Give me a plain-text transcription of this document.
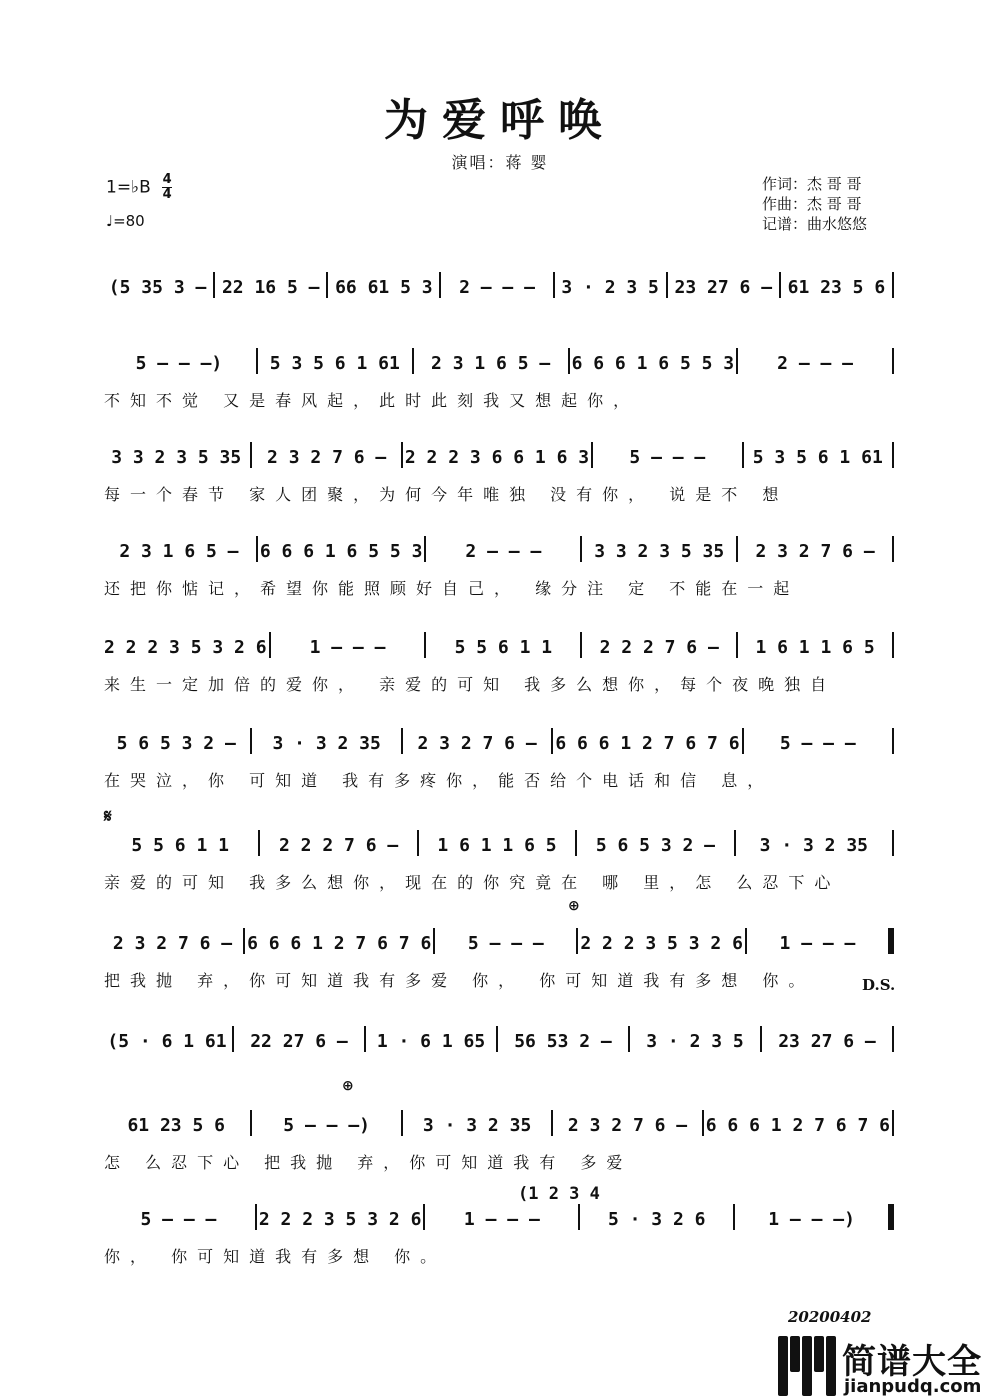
为爱呼唤
演唱：蒋 婴
1=♭B $\frac{4}{4}$
♩=80
作词：杰 哥 哥
作曲：杰 哥 哥
记谱：曲水悠悠
(5 35 3 – 22 16 5 – 66 61 5 3	2 – – –	3 · 2 3 5 23 27 6 – 61 23 5 6
5 – – –)	5 3 5 6 1 61	2 3 1 6 5 –	6 6 6 1 6 5 5 3	2 – – –
不知不觉 又是春风起，此时此刻我又想起你，
3 3 2 3 5 35	2 3 2 7 6 –	2 2 2 3 6 6 1 6 3	5 – – –	5 3 5 6 1 61
每一个春节 家人团聚，为何今年唯独 没有你， 说是不 想
2 3 1 6 5 –	6 6 6 1 6 5 5 3	2 – – –	3 3 2 3 5 35	2 3 2 7 6 –
还把你惦记，希望你能照顾好自己， 缘分注 定 不能在一起
2 2 2 3 5 3 2 6	1 – – –	5 5 6 1 1	2 2 2 7 6 –	1 6 1 1 6 5
来生一定加倍的爱你， 亲爱的可知 我多么想你，每个夜晚独自
5 6 5 3 2 –	3 · 3 2 35	2 3 2 7 6 –	6 6 6 1 2 7 6 7 6	5 – – –
在哭泣，你 可知道 我有多疼你，能否给个电话和信 息，
5 5 6 1 1	2 2 2 7 6 –	1 6 1 1 6 5	5 6 5 3 2 –	3 · 3 2 35
亲爱的可知 我多么想你，现在的你究竟在 哪 里，怎 么忍下心
2 3 2 7 6 – 6 6 6 1 2 7 6 7 6	5 – – –	2 2 2 3 5 3 2 6	1 – – –
把我抛 弃，你可知道我有多爱 你， 你可知道我有多想 你。
(5 · 6 1 61	22 27 6 –	1 · 6 1 65	56 53 2 –	3 · 2 3 5	23 27 6 –
61 23 5 6	5 – – –)	3 · 3 2 35	2 3 2 7 6 –	6 6 6 1 2 7 6 7 6
怎 么忍下心 把我抛 弃，你可知道我有 多爱
5 – – –	2 2 2 3 5 3 2 6	1 – – –	5 · 3 2 6	1 – – –)
你， 你可知道我有多想 你。
𝄋
⊕
⊕
D.S.
(1 2 3 4
20200402
简谱大全
jianpudq.com
